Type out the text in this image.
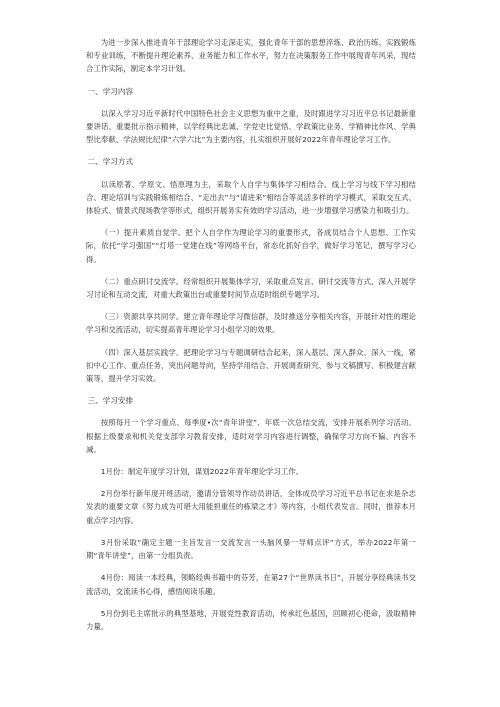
为进一步深入推进青年干部理论学习走深走实，强化青年干部的思想淬炼、政治历练、实践锻炼和专业训练，不断提升理论素养、业务能力和工作水平，努力在决策服务工作中展现青年风采，现结合工作实际，制定本学习计划。

一、学习内容

以深入学习习近平新时代中国特色社会主义思想为重中之重，及时跟进学习习近平总书记最新重要讲话、重要批示指示精神，以学经典比忠诚、学党史比觉悟、学政策比业务、学精神比作风、学典型比奉献、学法规比纪律“六学六比”为主要内容，扎实组织开展好2022年青年理论学习工作。

二、学习方式

以读原著、学原文、悟原理为主，采取个人自学与集体学习相结合、线上学习与线下学习相结合、理论培训与实践锻炼相结合、“走出去”与“请进来”相结合等灵活多样的学习模式，采取交互式、体验式、情景式现场教学等形式，组织开展务实有效的学习活动，进一步增强学习感染力和吸引力。

（一）提升素质自觉学。把个人自学作为理论学习的重要形式，各成员结合个人思想、工作实际，依托“学习强国”“灯塔一党建在线”等网络平台，常态化抓好自学，做好学习笔记，撰写学习心得。

（二）重点研讨交流学。经常组织开展集体学习，采取重点发言、研讨交流等方式，深入开展学习讨论和互动交流，对重大政策出台或重要时间节点适时组织专题学习。

（三）资源共享共同学。建立青年理论学习微信群，及时推送分享相关内容，开展针对性的理论学习和交流活动，切实提高青年理论学习小组学习的效果。

（四）深入基层实践学。把理论学习与专题调研结合起来，深入基层、深入群众、深入一线，紧扣中心工作、重点任务，突出问题导向，坚持学用结合、开展调查研究、参与文稿撰写、积极建言献策等，提升学习实效。

三、学习安排

按照每月一个学习重点、每季度•次“青年讲堂”、年底一次总结交流，安排开展系列学习活动。根据上级要求和机关党支部学习教育安排，适时对学习内容进行调整，确保学习方向不偏、内容不减。

1月份：制定年度学习计划，谋划2022年青年理论学习工作。

2月份举行新年度开班活动，邀请分管领导作动员讲话，全体成员学习习近平总书记在求是杂志发表的重要文章《努力成为可堪大用能担重任的栋梁之才》等内容，小组代表发言。同时，推荐本月重点学习内容。

3月份采取“确定主题一主旨发言一交流发言一头脑风暴一导师点评”方式，举办2022年第一期“青年讲堂”，由第一分组负责。

4月份：阅读一本经典，领略经典书籍中的芬芳，在第27个“世界读书日”，开展分享经典读书交流活动，交流读书心得，感悟阅读乐趣。

5月份到毛主席批示的典型基地，开展党性教育活动，传承红色基因，回顾初心使命，汲取精神力量。
